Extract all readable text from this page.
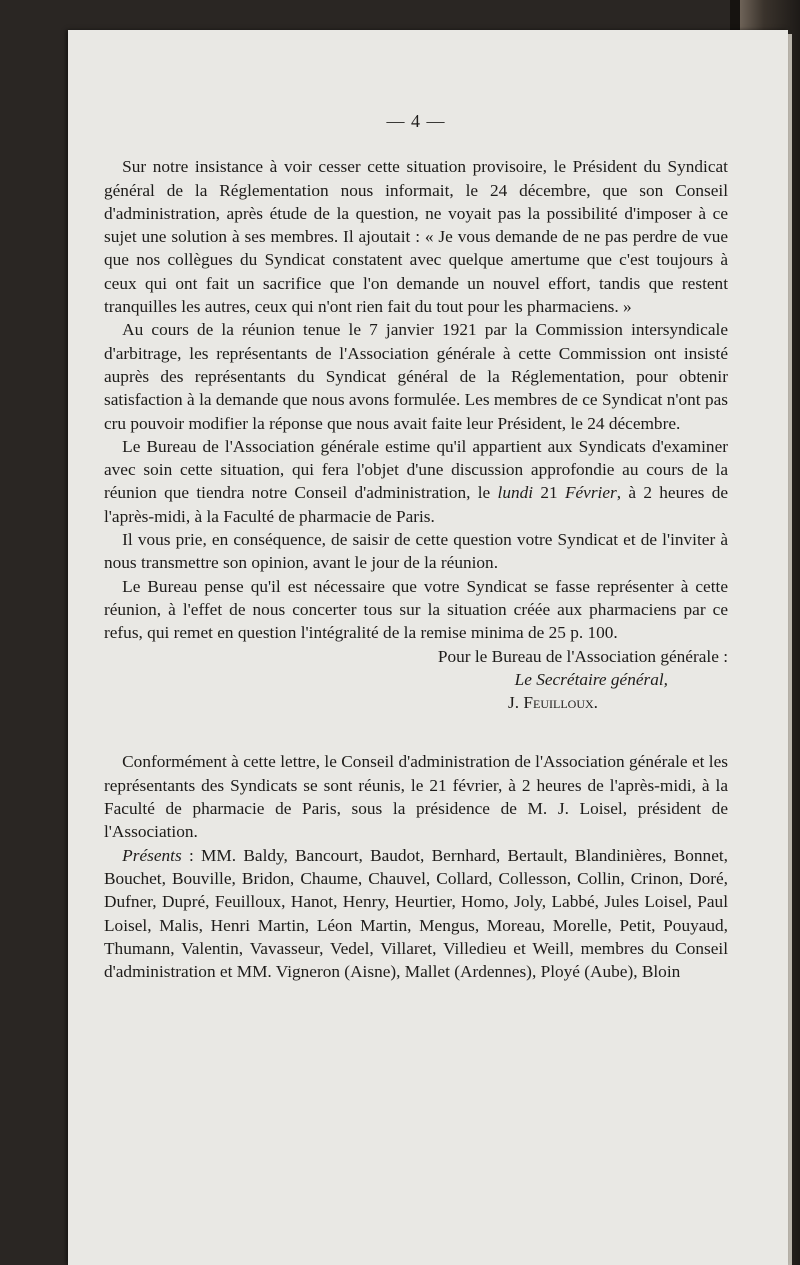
— 4 —

Sur notre insistance à voir cesser cette situation provisoire, le Président du Syndicat général de la Réglementation nous informait, le 24 décembre, que son Conseil d'administration, après étude de la question, ne voyait pas la possibilité d'imposer à ce sujet une solution à ses membres. Il ajoutait : « Je vous demande de ne pas perdre de vue que nos collègues du Syndicat constatent avec quelque amertume que c'est toujours à ceux qui ont fait un sacrifice que l'on demande un nouvel effort, tandis que restent tranquilles les autres, ceux qui n'ont rien fait du tout pour les pharmaciens. »

Au cours de la réunion tenue le 7 janvier 1921 par la Commission intersyndicale d'arbitrage, les représentants de l'Association générale à cette Commission ont insisté auprès des représentants du Syndicat général de la Réglementation, pour obtenir satisfaction à la demande que nous avons formulée. Les membres de ce Syndicat n'ont pas cru pouvoir modifier la réponse que nous avait faite leur Président, le 24 décembre.

Le Bureau de l'Association générale estime qu'il appartient aux Syndicats d'examiner avec soin cette situation, qui fera l'objet d'une discussion approfondie au cours de la réunion que tiendra notre Conseil d'administration, le lundi 21 Février, à 2 heures de l'après-midi, à la Faculté de pharmacie de Paris.

Il vous prie, en conséquence, de saisir de cette question votre Syndicat et de l'inviter à nous transmettre son opinion, avant le jour de la réunion.

Le Bureau pense qu'il est nécessaire que votre Syndicat se fasse représenter à cette réunion, à l'effet de nous concerter tous sur la situation créée aux pharmaciens par ce refus, qui remet en question l'intégralité de la remise minima de 25 p. 100.

Pour le Bureau de l'Association générale :
Le Secrétaire général,
J. Feuilloux.

Conformément à cette lettre, le Conseil d'administration de l'Association générale et les représentants des Syndicats se sont réunis, le 21 février, à 2 heures de l'après-midi, à la Faculté de pharmacie de Paris, sous la présidence de M. J. Loisel, président de l'Association.

Présents : MM. Baldy, Bancourt, Baudot, Bernhard, Bertault, Blandinières, Bonnet, Bouchet, Bouville, Bridon, Chaume, Chauvel, Collard, Collesson, Collin, Crinon, Doré, Dufner, Dupré, Feuilloux, Hanot, Henry, Heurtier, Homo, Joly, Labbé, Jules Loisel, Paul Loisel, Malis, Henri Martin, Léon Martin, Mengus, Moreau, Morelle, Petit, Pouyaud, Thumann, Valentin, Vavasseur, Vedel, Villaret, Villedieu et Weill, membres du Conseil d'administration et MM. Vigneron (Aisne), Mallet (Ardennes), Ployé (Aube), Bloin
